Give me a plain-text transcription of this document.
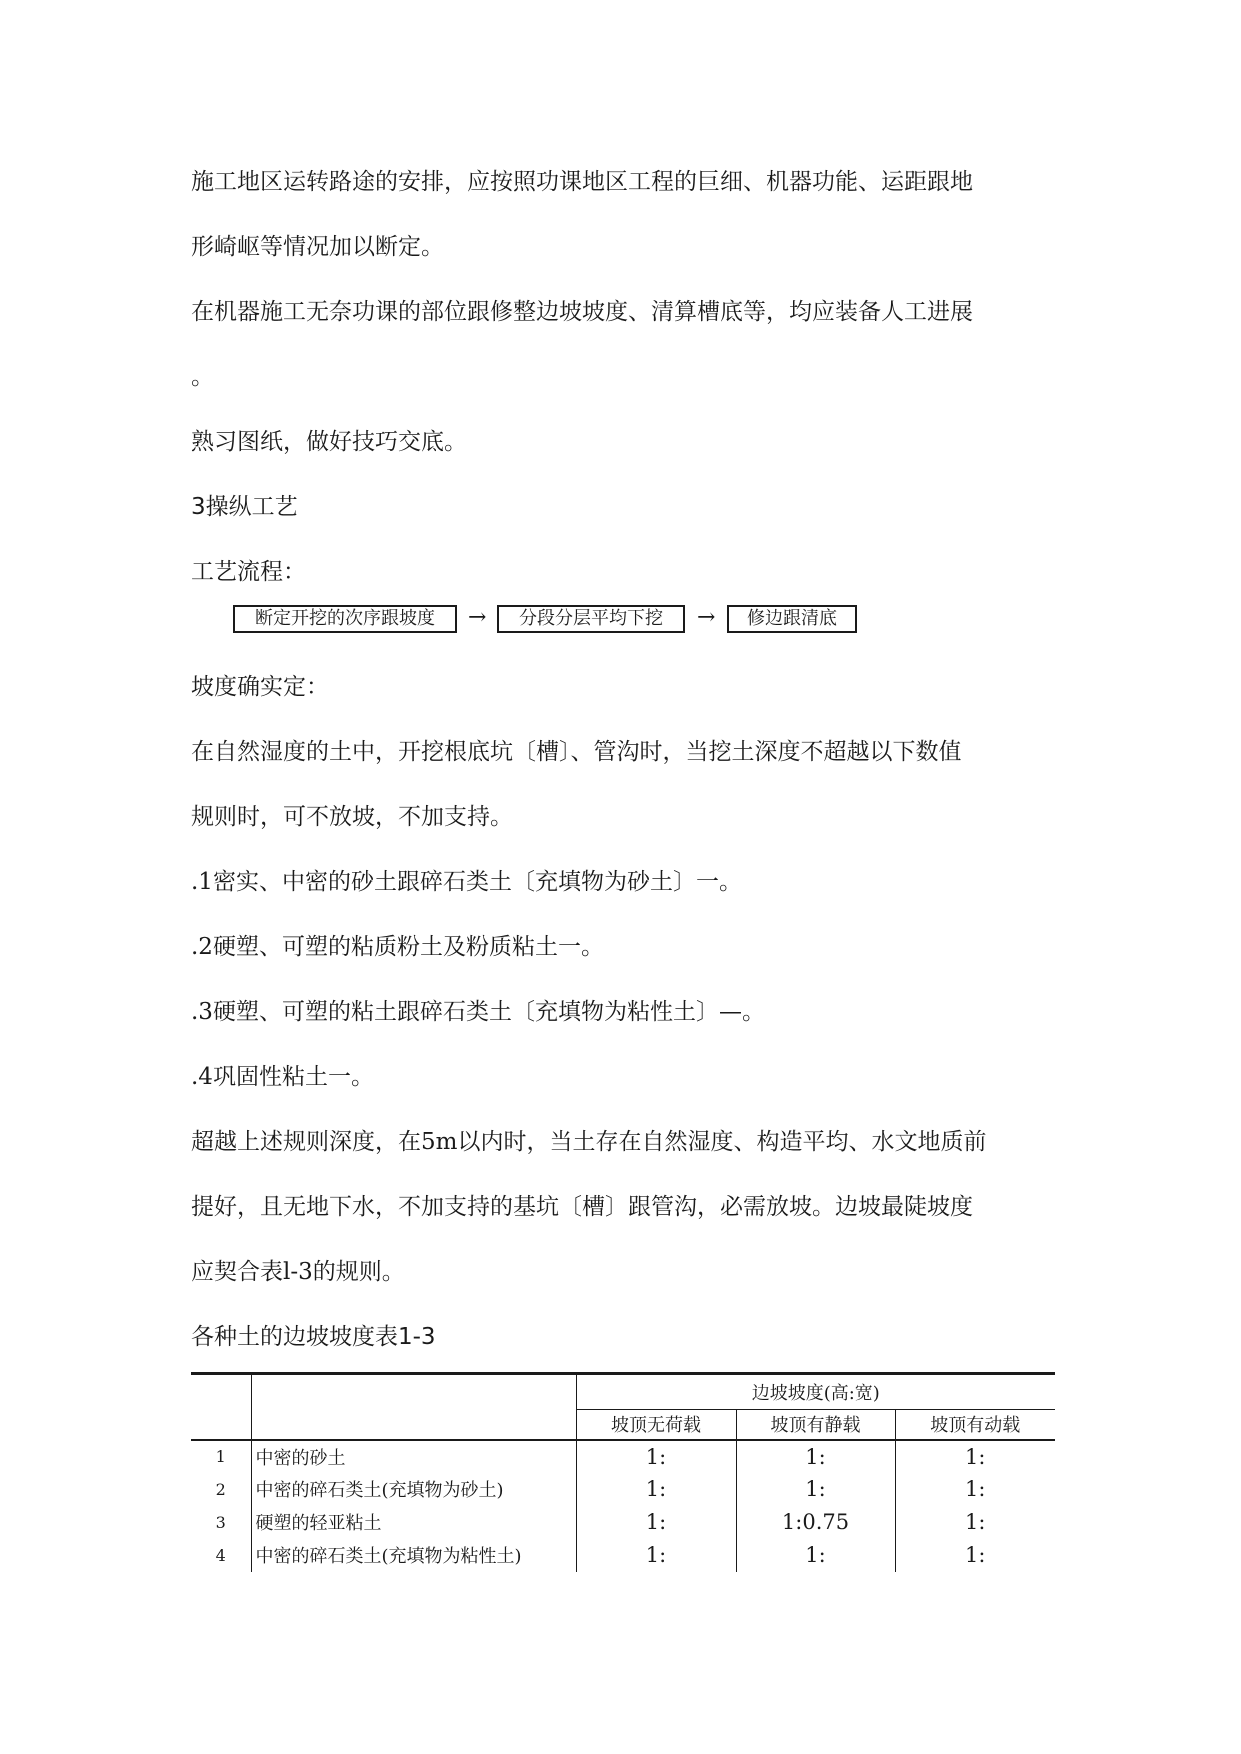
施工地区运转路途的安排，应按照功课地区工程的巨细、机器功能、运距跟地
形崎岖等情况加以断定。
在机器施工无奈功课的部位跟修整边坡坡度、清算槽底等，均应装备人工进展
。
熟习图纸，做好技巧交底。
3操纵工艺
工艺流程：
断定开挖的次序跟坡度	→	分段分层平均下挖	→	修边跟清底
坡度确实定：
在自然湿度的土中，开挖根底坑〔槽〕、管沟时，当挖土深度不超越以下数值
规则时，可不放坡，不加支持。
.1密实、中密的砂土跟碎石类土〔充填物为砂土〕一。
.2硬塑、可塑的粘质粉土及粉质粘土一。
.3硬塑、可塑的粘土跟碎石类土〔充填物为粘性土〕—。
.4巩固性粘土一。
超越上述规则深度，在5m以内时，当土存在自然湿度、构造平均、水文地质前
提好，且无地下水，不加支持的基坑〔槽〕跟管沟，必需放坡。边坡最陡坡度
应契合表l-3的规则。
各种土的边坡坡度表1-3
		边坡坡度(高:宽)		
		坡顶无荷载	坡顶有静载	坡顶有动载
1	中密的砂土	1:	1:	1:
2	中密的碎石类土(充填物为砂土)	1:	1:	1:
3	硬塑的轻亚粘土	1:	1:0.75	1:
4	中密的碎石类土(充填物为粘性土)	1:	1:	1:
